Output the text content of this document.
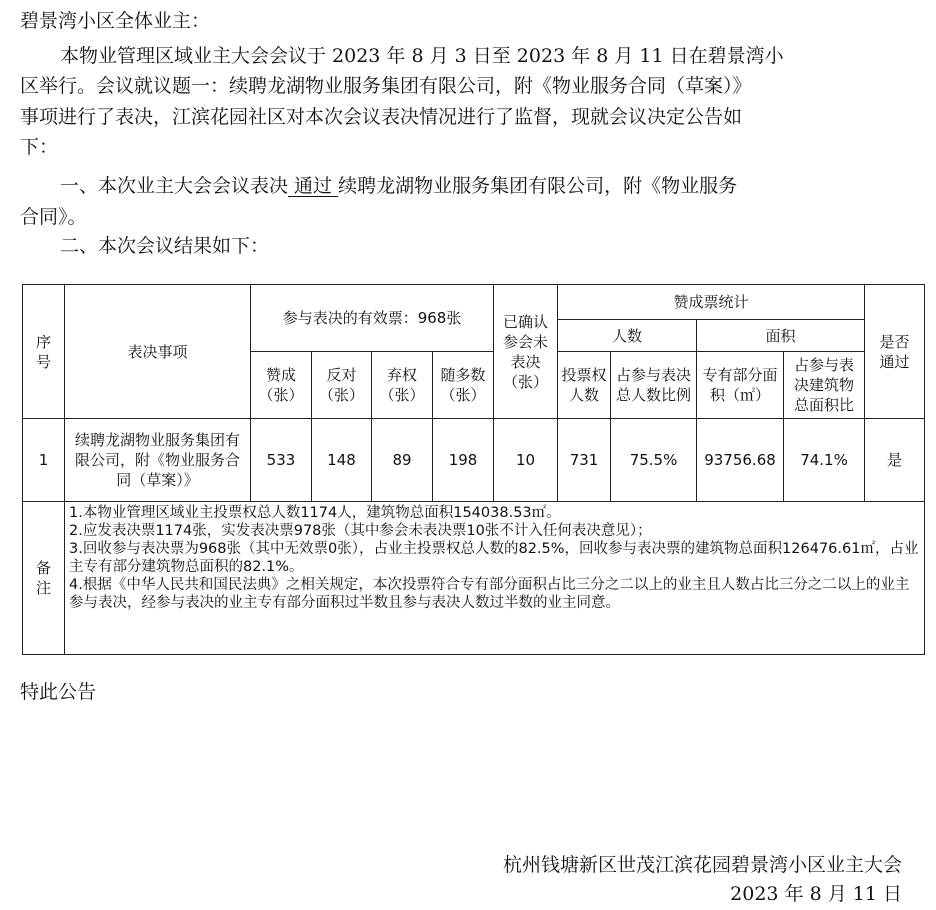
碧景湾小区全体业主：
本物业管理区域业主大会会议于 2023 年 8 月 3 日至 2023 年 8 月 11 日在碧景湾小
区举行。会议就议题一：续聘龙湖物业服务集团有限公司，附《物业服务合同（草案）》
事项进行了表决，江滨花园社区对本次会议表决情况进行了监督，现就会议决定公告如
下：
一、本次业主大会会议表决 通过 续聘龙湖物业服务集团有限公司，附《物业服务
合同》。
二、本次会议结果如下：
序号	表决事项	参与表决的有效票：968张				已确认参会未表决（张）	赞成票统计				是否通过
							人数		面积		
		赞成（张）	反对（张）	弃权（张）	随多数（张）		投票权人数	占参与表决总人数比例	专有部分面积（㎡）	占参与表决建筑物总面积比	
1	续聘龙湖物业服务集团有限公司，附《物业服务合同（草案）》	533	148	89	198	10	731	75.5%	93756.68	74.1%	是
备注	1.本物业管理区域业主投票权总人数1174人，建筑物总面积154038.53㎡。
2.应发表决票1174张，实发表决票978张（其中参会未表决票10张不计入任何表决意见）；
3.回收参与表决票为968张（其中无效票0张），占业主投票权总人数的82.5%，回收参与表决票的建筑物总面积126476.61㎡，占业主专有部分建筑物总面积的82.1%。
4.根据《中华人民共和国民法典》之相关规定，本次投票符合专有部分面积占比三分之二以上的业主且人数占比三分之二以上的业主参与表决，经参与表决的业主专有部分面积过半数且参与表决人数过半数的业主同意。										
特此公告
杭州钱塘新区世茂江滨花园碧景湾小区业主大会
2023 年 8 月 11 日
